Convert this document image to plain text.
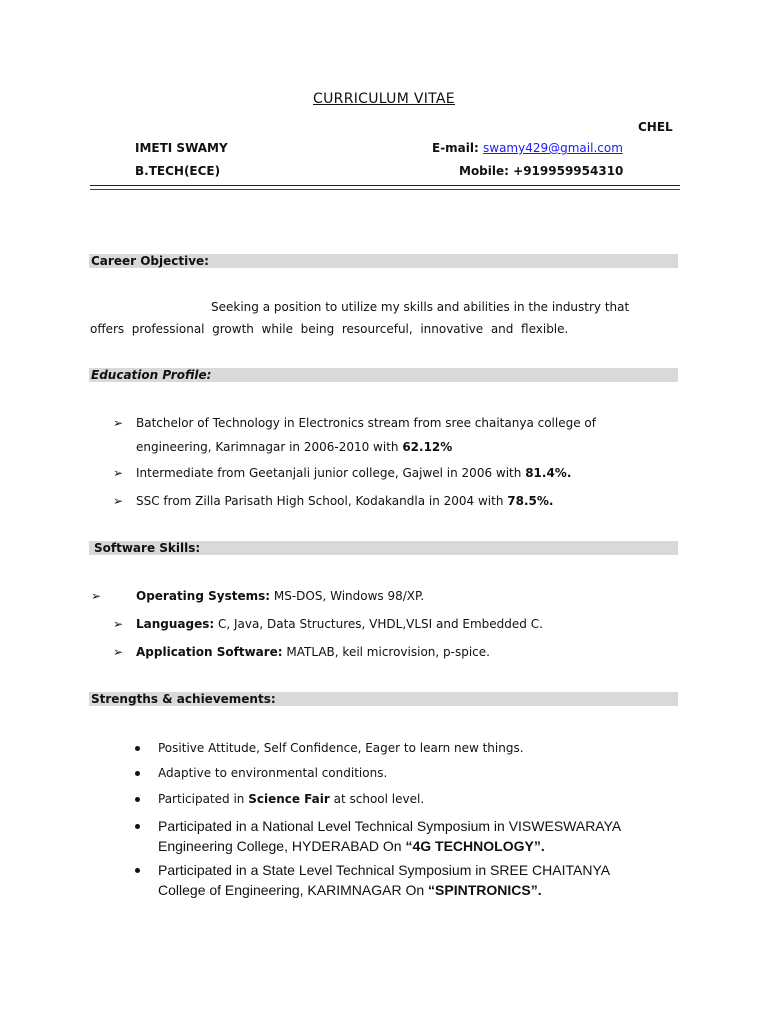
CURRICULUM VITAE
CHEL
IMETI SWAMY	E-mail: swamy429@gmail.com
B.TECH(ECE)	Mobile: +919959954310
Career Objective:
Seeking a position to utilize my skills and abilities in the industry that
offers  professional  growth  while  being  resourceful,  innovative  and  flexible.
Education Profile:
➢ Batchelor of Technology in Electronics stream from sree chaitanya college of
engineering, Karimnagar in 2006-2010 with 62.12%
➢ Intermediate from Geetanjali junior college, Gajwel in 2006 with 81.4%.
➢ SSC from Zilla Parisath High School, Kodakandla in 2004 with 78.5%.
Software Skills:
➢	Operating Systems: MS-DOS, Windows 98/XP.
➢ Languages: C, Java, Data Structures, VHDL,VLSI and Embedded C.
➢ Application Software: MATLAB, keil microvision, p-spice.
Strengths & achievements:
Positive Attitude, Self Confidence, Eager to learn new things.
Adaptive to environmental conditions.
Participated in Science Fair at school level.
Participated in a National Level Technical Symposium in VISWESWARAYA
Engineering College, HYDERABAD On “4G TECHNOLOGY”.
Participated in a State Level Technical Symposium in SREE CHAITANYA
College of Engineering, KARIMNAGAR On “SPINTRONICS”.
